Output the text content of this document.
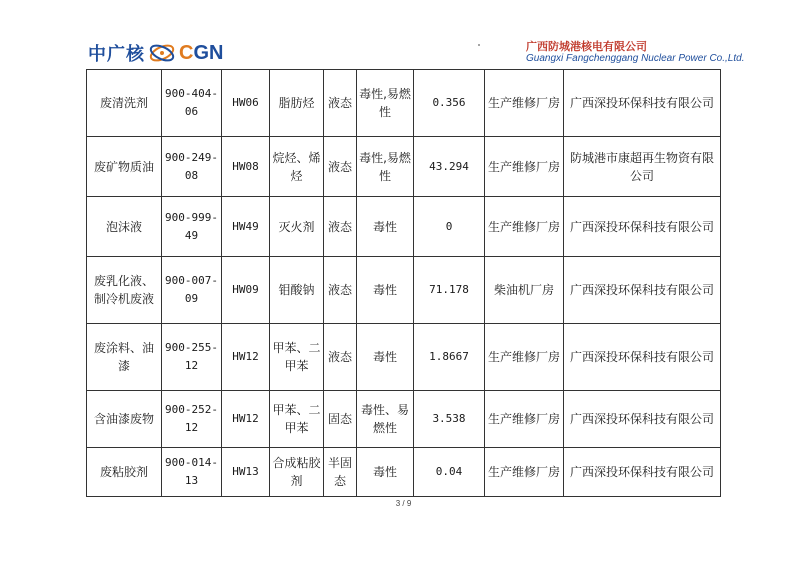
中广核 CGN	广西防城港核电有限公司
Guangxi Fangchenggang Nuclear Power Co.,Ltd.
废清洗剂	900-404-06	HW06	脂肪烃	液态	毒性,易燃性	0.356	生产维修厂房	广西深投环保科技有限公司
废矿物质油	900-249-08	HW08	烷烃、烯烃	液态	毒性,易燃性	43.294	生产维修厂房	防城港市康超再生物资有限公司
泡沫液	900-999-49	HW49	灭火剂	液态	毒性	0	生产维修厂房	广西深投环保科技有限公司
废乳化液、制冷机废液	900-007-09	HW09	钼酸钠	液态	毒性	71.178	柴油机厂房	广西深投环保科技有限公司
废涂料、油漆	900-255-12	HW12	甲苯、二甲苯	液态	毒性	1.8667	生产维修厂房	广西深投环保科技有限公司
含油漆废物	900-252-12	HW12	甲苯、二甲苯	固态	毒性、易燃性	3.538	生产维修厂房	广西深投环保科技有限公司
废粘胶剂	900-014-13	HW13	合成粘胶剂	半固态	毒性	0.04	生产维修厂房	广西深投环保科技有限公司
3 / 9
